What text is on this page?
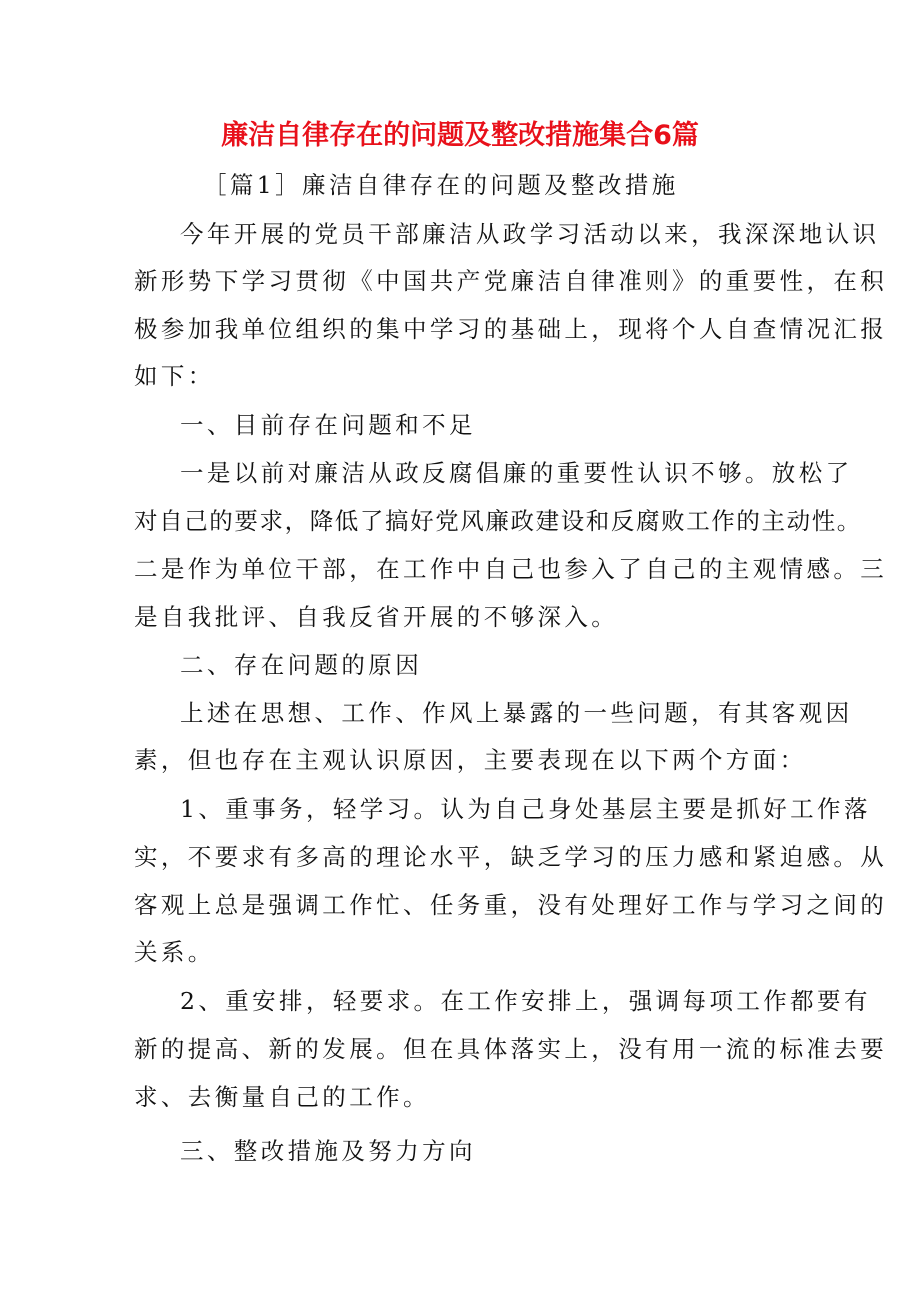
廉洁自律存在的问题及整改措施集合6篇
［篇1］廉洁自律存在的问题及整改措施
今年开展的党员干部廉洁从政学习活动以来，我深深地认识
新形势下学习贯彻《中国共产党廉洁自律准则》的重要性，在积
极参加我单位组织的集中学习的基础上，现将个人自查情况汇报
如下：
一、目前存在问题和不足
一是以前对廉洁从政反腐倡廉的重要性认识不够。放松了
对自己的要求，降低了搞好党风廉政建设和反腐败工作的主动性。
二是作为单位干部，在工作中自己也参入了自己的主观情感。三
是自我批评、自我反省开展的不够深入。
二、存在问题的原因
上述在思想、工作、作风上暴露的一些问题，有其客观因
素，但也存在主观认识原因，主要表现在以下两个方面：
1、重事务，轻学习。认为自己身处基层主要是抓好工作落
实，不要求有多高的理论水平，缺乏学习的压力感和紧迫感。从
客观上总是强调工作忙、任务重，没有处理好工作与学习之间的
关系。
2、重安排，轻要求。在工作安排上，强调每项工作都要有
新的提高、新的发展。但在具体落实上，没有用一流的标准去要
求、去衡量自己的工作。
三、整改措施及努力方向
